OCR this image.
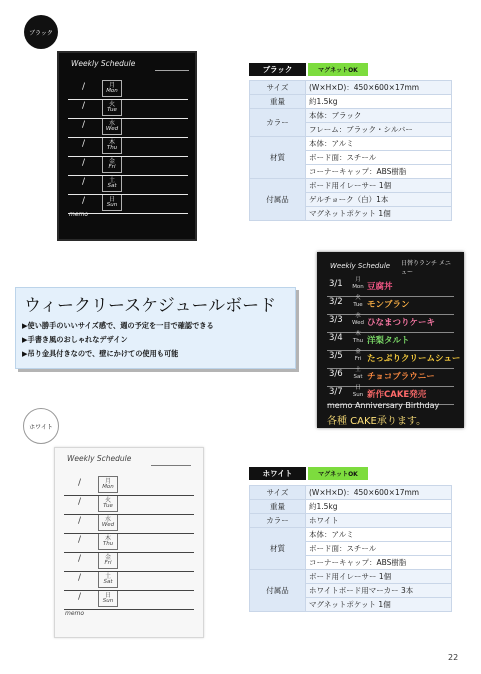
ブラック
ホワイト
Weekly Schedule
/	月
Mon
/	火
Tue
/	水
Wed
/	木
Thu
/	金
Fri
/	土
Sat
/	日
Sun
memo
ブラック	マグネットOK
サイズ	(W×H×D)：450×600×17mm
重量	約1.5kg
カラー	本体：ブラック
	フレーム：ブラック・シルバー
材質	本体：アルミ
	ボード面：スチール
	コーナーキャップ：ABS樹脂
付属品	ボード用イレーサー 1個
	ゲルチョーク（白）1本
	マグネットポケット 1個
ウィークリースケジュールボード
▶使い勝手のいいサイズ感で、週の予定を一目で確認できる
▶手書き風のおしゃれなデザイン
▶吊り金具付きなので、壁にかけての使用も可能
Weekly Schedule 日替りランチ メニュー
3/1	月 Mon 豆腐丼
3/2	火 Tue モンブラン
3/3	水 Wed ひなまつりケーキ
3/4	木 Thu 洋梨タルト
3/5	金 Fri たっぷりクリームシュー
3/6	土 Sat チョコブラウニー
3/7	日 Sun 新作CAKE発売
memo Anniversary Birthday
各種 CAKE承ります。
Weekly Schedule
/	月
Mon
/	火
Tue
/	水
Wed
/	木
Thu
/	金
Fri
/	土
Sat
/	日
Sun
memo
ホワイト	マグネットOK
サイズ	(W×H×D)：450×600×17mm
重量	約1.5kg
カラー	ホワイト
材質	本体：アルミ
	ボード面：スチール
	コーナーキャップ：ABS樹脂
付属品	ボード用イレーサー 1個
	ホワイトボード用マーカー 3本
	マグネットポケット 1個
22
